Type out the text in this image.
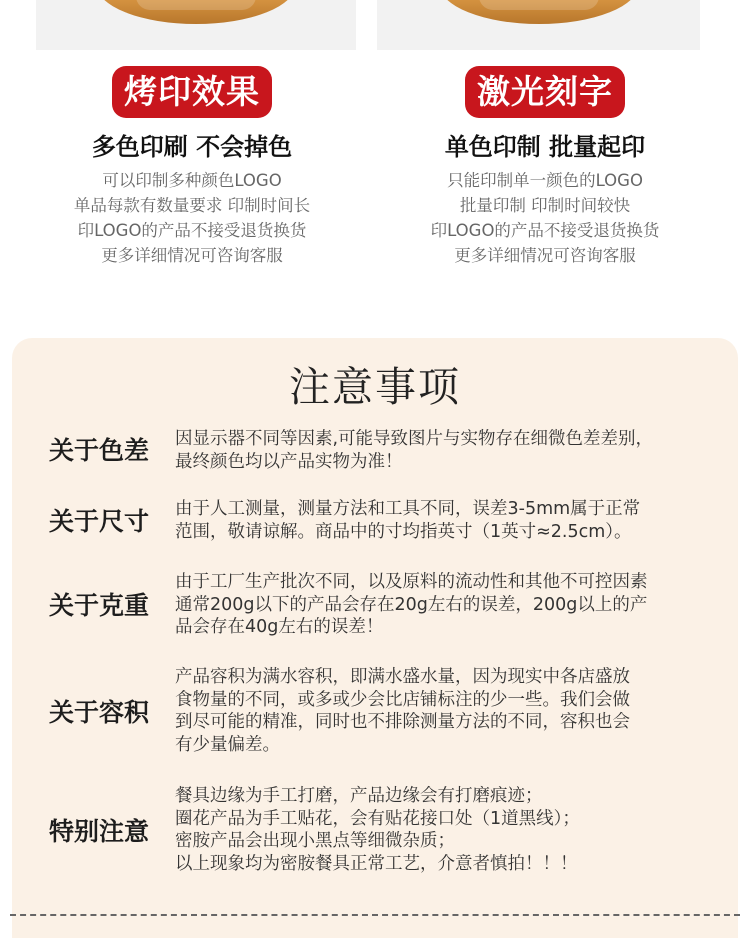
烤印效果
多色印刷 不会掉色
可以印制多种颜色LOGO
单品每款有数量要求 印制时间长
印LOGO的产品不接受退货换货
更多详细情况可咨询客服
激光刻字
单色印制 批量起印
只能印制单一颜色的LOGO
批量印制 印制时间较快
印LOGO的产品不接受退货换货
更多详细情况可咨询客服
注意事项
关于色差	因显示器不同等因素,可能导致图片与实物存在细微色差差别，
最终颜色均以产品实物为准！
关于尺寸	由于人工测量，测量方法和工具不同，误差3-5mm属于正常
范围，敬请谅解。商品中的寸均指英寸（1英寸≈2.5cm）。
关于克重
由于工厂生产批次不同，以及原料的流动性和其他不可控因素
通常200g以下的产品会存在20g左右的误差，200g以上的产
品会存在40g左右的误差！
关于容积
产品容积为满水容积，即满水盛水量，因为现实中各店盛放
食物量的不同，或多或少会比店铺标注的少一些。我们会做
到尽可能的精准，同时也不排除测量方法的不同，容积也会
有少量偏差。
特别注意
餐具边缘为手工打磨，产品边缘会有打磨痕迹；
圈花产品为手工贴花，会有贴花接口处（1道黑线）；
密胺产品会出现小黑点等细微杂质；
以上现象均为密胺餐具正常工艺，介意者慎拍！！！
